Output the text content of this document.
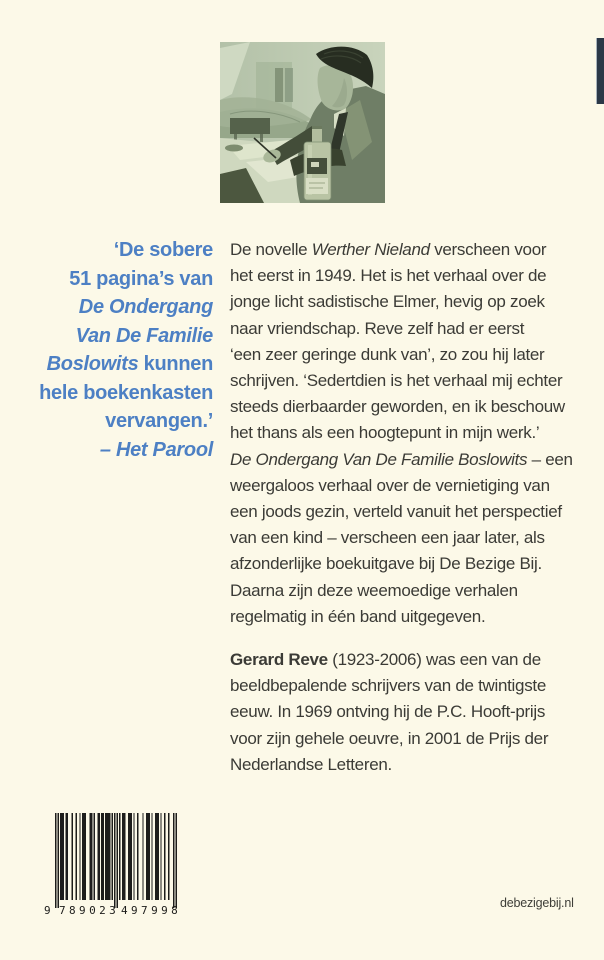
‘De sobere
51 pagina’s van
De Ondergang
Van De Familie
Boslowits kunnen
hele boekenkasten
vervangen.’
– Het Parool
De novelle Werther Nieland verscheen voor
het eerst in 1949. Het is het verhaal over de
jonge licht sadistische Elmer, hevig op zoek
naar vriendschap. Reve zelf had er eerst
‘een zeer geringe dunk van’, zo zou hij later
schrijven. ‘Sedertdien is het verhaal mij echter
steeds dierbaarder geworden, en ik beschouw
het thans als een hoogtepunt in mijn werk.’
De Ondergang Van De Familie Boslowits – een
weergaloos verhaal over de vernietiging van
een joods gezin, verteld vanuit het perspectief
van een kind – verscheen een jaar later, als
afzonderlijke boekuitgave bij De Bezige Bij.
Daarna zijn deze weemoedige verhalen
regelmatig in één band uitgegeven.
Gerard Reve (1923-2006) was een van de
beeldbepalende schrijvers van de twintigste
eeuw. In 1969 ontving hij de P.C. Hooft-prijs
voor zijn gehele oeuvre, in 2001 de Prijs der
Nederlandse Letteren.
9 789023 497998
debezigebij.nl
